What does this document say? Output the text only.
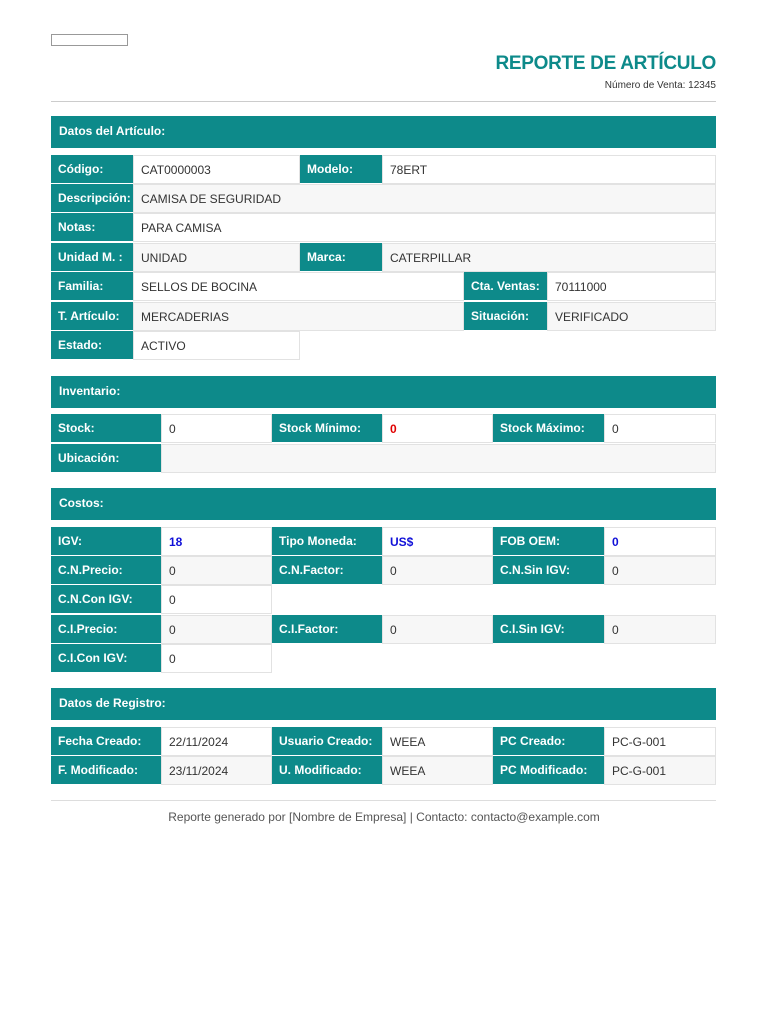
REPORTE DE ARTÍCULO
Número de Venta: 12345
Datos del Artículo:
Código:	CAT0000003	Modelo:	78ERT
Descripción: CAMISA DE SEGURIDAD
Notas:	PARA CAMISA
Unidad M. :	UNIDAD	Marca:	CATERPILLAR
Familia:	SELLOS DE BOCINA	Cta. Ventas:	70111000
T. Artículo:	MERCADERIAS	Situación:	VERIFICADO
Estado:	ACTIVO
Inventario:
Stock:	0	Stock Mínimo:	0	Stock Máximo:	0
Ubicación:
Costos:
IGV:	18	Tipo Moneda:	US$	FOB OEM:	0
C.N.Precio:	0	C.N.Factor:	0	C.N.Sin IGV:	0
C.N.Con IGV:	0
C.I.Precio:	0	C.I.Factor:	0	C.I.Sin IGV:	0
C.I.Con IGV:	0
Datos de Registro:
Fecha Creado:	22/11/2024	Usuario Creado:	WEEA	PC Creado:	PC-G-001
F. Modificado:	23/11/2024	U. Modificado:	WEEA	PC Modificado:	PC-G-001
Reporte generado por [Nombre de Empresa] | Contacto: contacto@example.com
